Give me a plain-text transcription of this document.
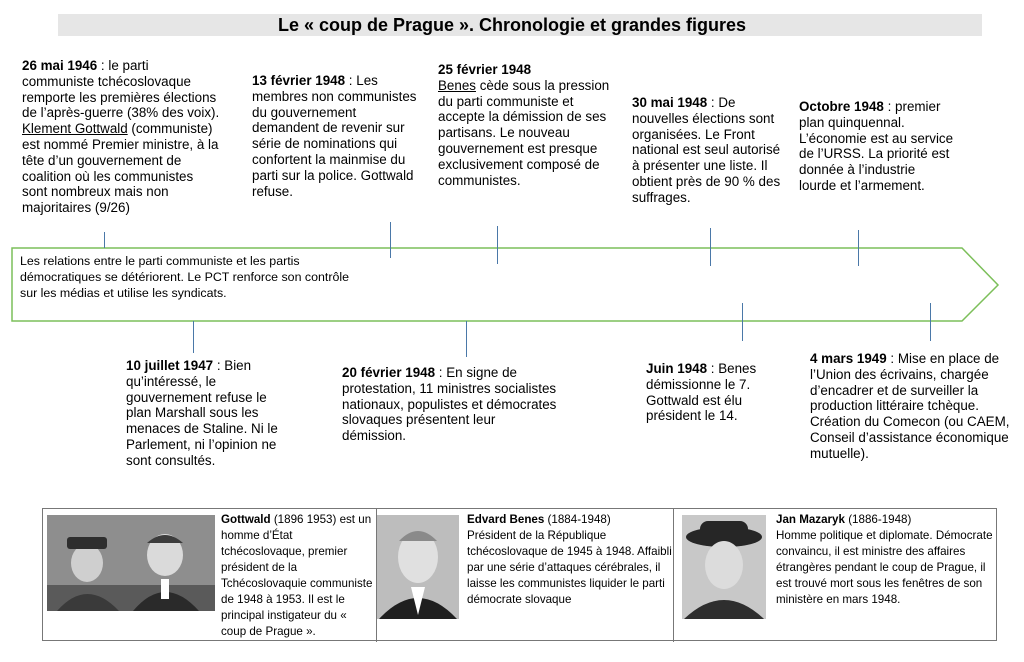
Le « coup de Prague ». Chronologie et grandes figures
Les relations entre le parti communiste et les partis démocratiques se détériorent. Le PCT renforce son contrôle sur les médias et utilise les syndicats.
26 mai 1946 : le parti communiste tchécoslovaque remporte les premières élections de l’après-guerre (38% des voix). Klement Gottwald (communiste) est nommé Premier ministre, à la tête d’un gouvernement de coalition où les communistes sont nombreux mais non majoritaires (9/26)
13 février 1948 : Les membres non communistes du gouvernement demandent de revenir sur série de nominations qui confortent la mainmise du parti sur la police. Gottwald refuse.
25 février 1948
Benes cède sous la pression du parti communiste et accepte la démission de ses partisans. Le nouveau gouvernement est presque exclusivement composé de communistes.
30 mai 1948 : De nouvelles élections sont organisées. Le Front national est seul autorisé à présenter une liste. Il obtient près de 90 % des suffrages.
Octobre 1948 : premier plan quinquennal. L’économie est au service de l’URSS. La priorité est donnée à l’industrie lourde et l’armement.
10 juillet 1947 : Bien qu’intéressé, le gouvernement refuse le plan Marshall sous les menaces de Staline. Ni le Parlement, ni l’opinion ne sont consultés.
20 février 1948 : En signe de protestation, 11 ministres socialistes nationaux, populistes et démocrates slovaques présentent leur démission.
Juin 1948 : Benes démissionne le 7. Gottwald est élu président le 14.
4 mars 1949 : Mise en place de l’Union des écrivains, chargée d’encadrer et de surveiller la production littéraire tchèque. Création du Comecon (ou CAEM, Conseil d’assistance économique mutuelle).
Gottwald (1896 1953) est un homme d’État tchécoslovaque, premier président de la Tchécoslovaquie communiste de 1948 à 1953. Il est le principal instigateur du « coup de Prague ».
Edvard Benes (1884-1948)
Président de la République tchécoslovaque de 1945 à 1948. Affaibli par une série d’attaques cérébrales, il laisse les communistes liquider le parti démocrate slovaque
Jan Mazaryk (1886-1948)
Homme politique et diplomate. Démocrate convaincu, il est ministre des affaires étrangères pendant le coup de Prague, il est trouvé mort sous les fenêtres de son ministère en mars 1948.
